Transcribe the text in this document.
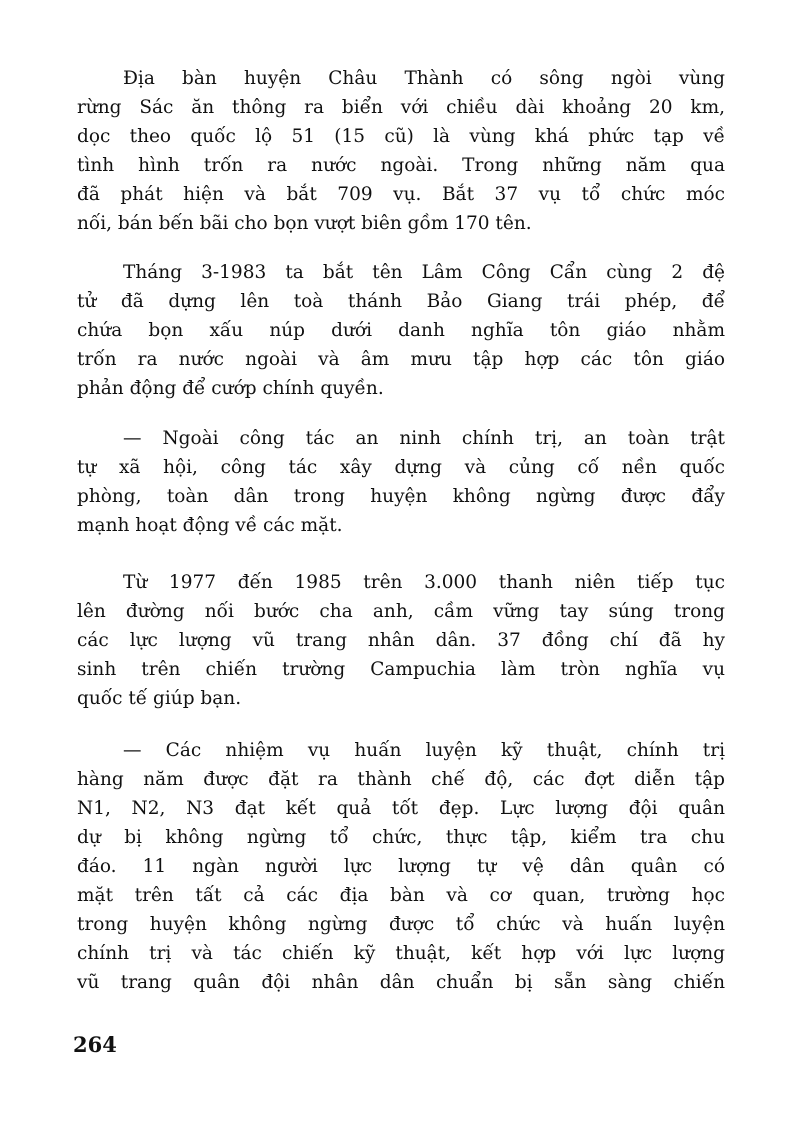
Địa bàn huyện Châu Thành có sông ngòi vùng
rừng Sác ăn thông ra biển với chiều dài khoảng 20 km,
dọc theo quốc lộ 51 (15 cũ) là vùng khá phức tạp về
tình hình trốn ra nước ngoài. Trong những năm qua
đã phát hiện và bắt 709 vụ. Bắt 37 vụ tổ chức móc
nối, bán bến bãi cho bọn vượt biên gồm 170 tên.
Tháng 3-1983 ta bắt tên Lâm Công Cẩn cùng 2 đệ
tử đã dựng lên toà thánh Bảo Giang trái phép, để
chứa bọn xấu núp dưới danh nghĩa tôn giáo nhằm
trốn ra nước ngoài và âm mưu tập hợp các tôn giáo
phản động để cướp chính quyền.
— Ngoài công tác an ninh chính trị, an toàn trật
tự xã hội, công tác xây dựng và củng cố nền quốc
phòng, toàn dân trong huyện không ngừng được đẩy
mạnh hoạt động về các mặt.
Từ 1977 đến 1985 trên 3.000 thanh niên tiếp tục
lên đường nối bước cha anh, cầm vững tay súng trong
các lực lượng vũ trang nhân dân. 37 đồng chí đã hy
sinh trên chiến trường Campuchia làm tròn nghĩa vụ
quốc tế giúp bạn.
— Các nhiệm vụ huấn luyện kỹ thuật, chính trị
hàng năm được đặt ra thành chế độ, các đợt diễn tập
N1, N2, N3 đạt kết quả tốt đẹp. Lực lượng đội quân
dự bị không ngừng tổ chức, thực tập, kiểm tra chu
đáo. 11 ngàn người lực lượng tự vệ dân quân có
mặt trên tất cả các địa bàn và cơ quan, trường học
trong huyện không ngừng được tổ chức và huấn luyện
chính trị và tác chiến kỹ thuật, kết hợp với lực lượng
vũ trang quân đội nhân dân chuẩn bị sẵn sàng chiến
264
